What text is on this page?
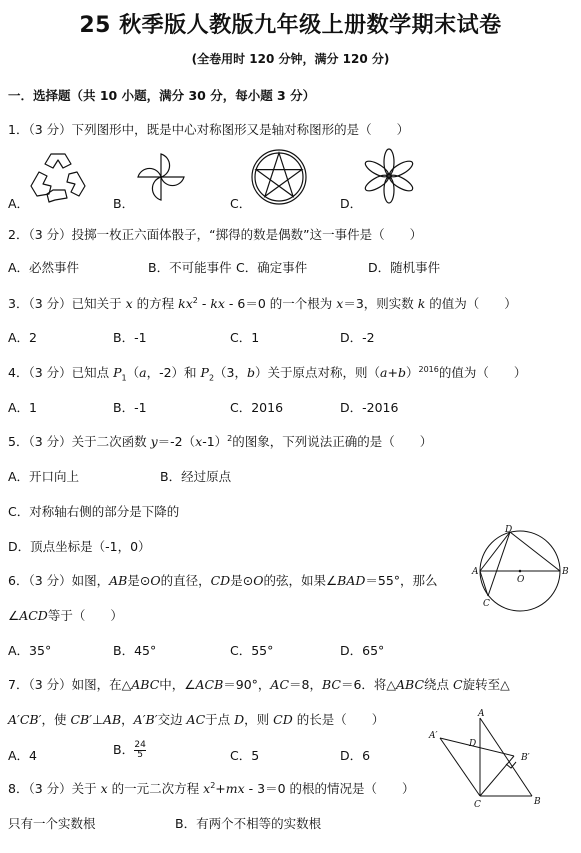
25 秋季版人教版九年级上册数学期末试卷
(全卷用时 120 分钟，满分 120 分)
一．选择题（共 10 小题，满分 30 分，每小题 3 分）
1．（3 分）下列图形中，既是中心对称图形又是轴对称图形的是（　　）
A．	B．	C．	D．
2．（3 分）投掷一枚正六面体骰子，“掷得的数是偶数”这一事件是（　　）
A．必然事件	B．不可能事件 C．确定事件	D．随机事件
3．（3 分）已知关于 x 的方程 $kx^2$ ‐ kx ‐ 6＝0 的一个根为 x＝3，则实数 k 的值为（　　）
A．2	B．‐1	C．1	D．‐2
4．（3 分）已知点 $P_1(a$，‐2）和 $P_2(3$，b）关于原点对称，则$(a+b)^{2016}$的值为（　　）
A．1	B．‐1	C．2016	D．‐2016
5．（3 分）关于二次函数 y＝‐2（x‐1）$^2$的图象，下列说法正确的是（　　）
A．开口向上	B．经过原点
C．对称轴右侧的部分是下降的
D．顶点坐标是（‐1，0）
6．（3 分）如图，AB是⊙O的直径，CD是⊙O的弦，如果∠BAD＝55°，那么
∠ACD等于（　　）
A．35°	B．45°	C．55°	D．65°
A	B
C
D
O
7．（3 分）如图，在△ABC中，∠ACB＝90°，AC＝8，BC＝6．将△ABC绕点 C旋转至△
A′CB′，使 CB′⊥AB，A′B′交边 AC于点 D，则 CD 的长是（　　）
A．4	B． $\frac{24}{5}$	C．5	D．6
A
A′
B
B′
C
D
8．（3 分）关于 x 的一元二次方程 $x^2+mx$ ‐ 3＝0 的根的情况是（　　）
只有一个实数根	B．有两个不相等的实数根
